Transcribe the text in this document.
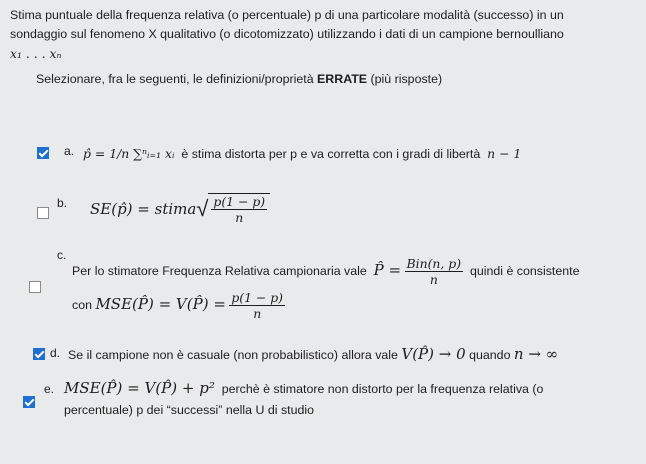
Stima puntuale della frequenza relativa (o percentuale) p di una particolare modalità (successo) in un

sondaggio sul fenomeno X qualitativo (o dicotomizzato) utilizzando i dati di un campione bernoulliano

x₁ . . . xₙ

Selezionare, fra le seguenti, le definizioni/proprietà ERRATE (più risposte)
a. p̂ = 1/n ∑ⁿᵢ₌₁ xᵢ è stima distorta per p e va corretta con i gradi di libertà n − 1
b. SE(p̂) = stima√ $\frac{p(1 - p)}{n}$
c.
Per lo stimatore Frequenza Relativa campionaria vale P̂ = $\frac{\text{Bin(n, p)}}{n}$ quindi è consistente
con MSE(P̂) = V(P̂) = $\frac{p(1 - p)}{n}$
d. Se il campione non è casuale (non probabilistico) allora vale V(P̂) → 0 quando n → ∞
e. MSE(P̂) = V(P̂) + p² perchè è stimatore non distorto per la frequenza relativa (o
percentuale) p dei “successi” nella U di studio
